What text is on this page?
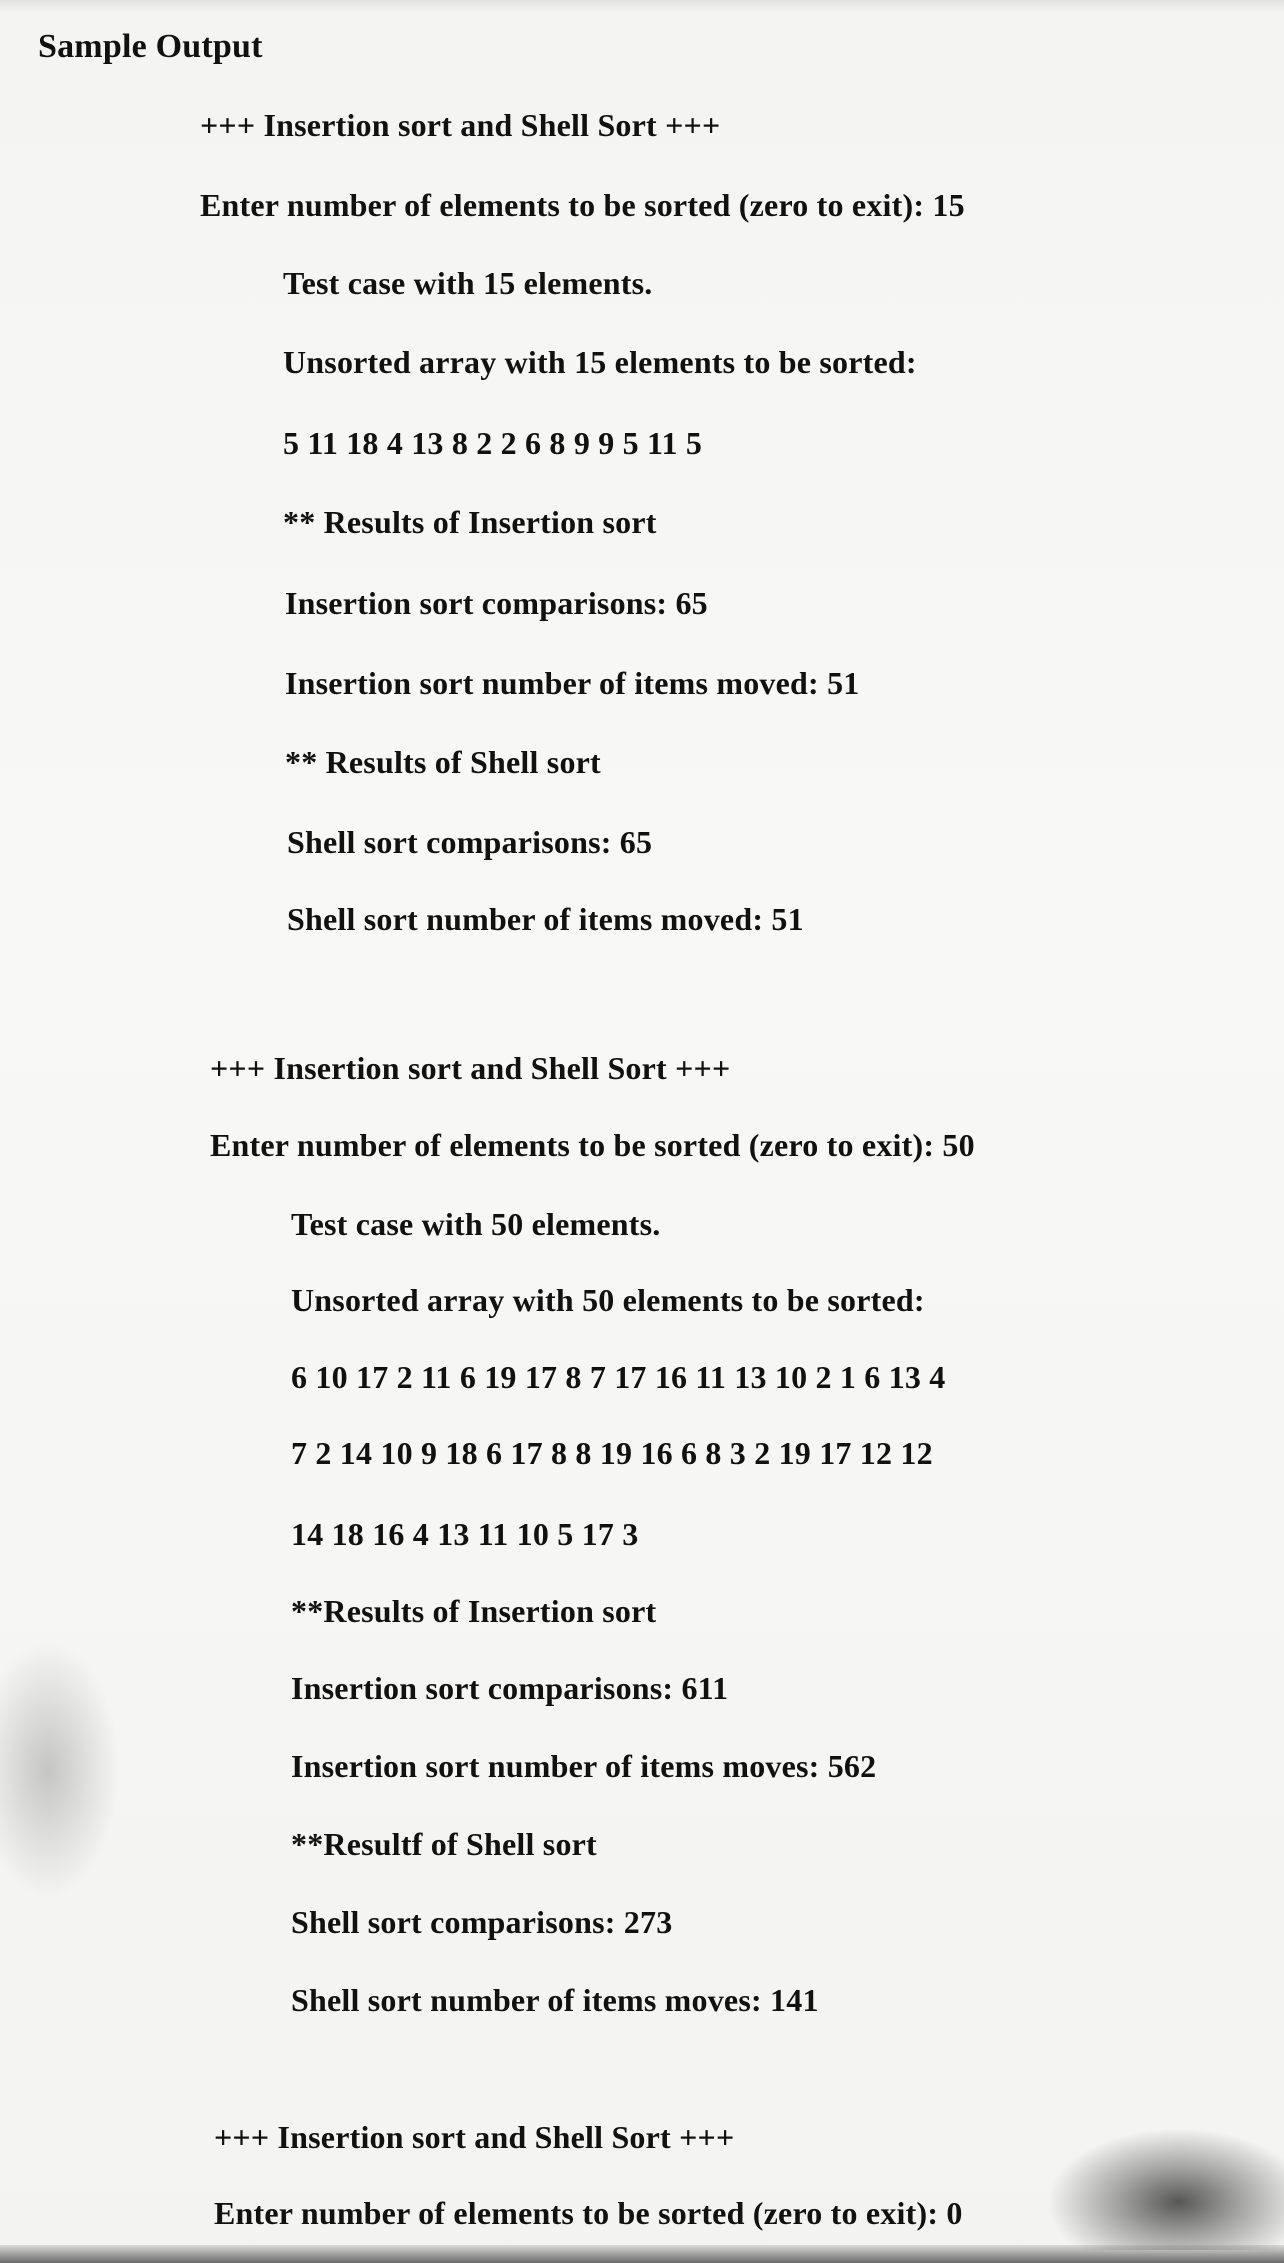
Sample Output
+++ Insertion sort and Shell Sort +++
Enter number of elements to be sorted (zero to exit): 15
Test case with 15 elements.
Unsorted array with 15 elements to be sorted:
5 11 18 4 13 8 2 2 6 8 9 9 5 11 5
** Results of Insertion sort
Insertion sort comparisons: 65
Insertion sort number of items moved: 51
** Results of Shell sort
Shell sort comparisons: 65
Shell sort number of items moved: 51
+++ Insertion sort and Shell Sort +++
Enter number of elements to be sorted (zero to exit): 50
Test case with 50 elements.
Unsorted array with 50 elements to be sorted:
6 10 17 2 11 6 19 17 8 7 17 16 11 13 10 2 1 6 13 4
7 2 14 10 9 18 6 17 8 8 19 16 6 8 3 2 19 17 12 12
14 18 16 4 13 11 10 5 17 3
**Results of Insertion sort
Insertion sort comparisons: 611
Insertion sort number of items moves: 562
**Resultf of Shell sort
Shell sort comparisons: 273
Shell sort number of items moves: 141
+++ Insertion sort and Shell Sort +++
Enter number of elements to be sorted (zero to exit): 0
